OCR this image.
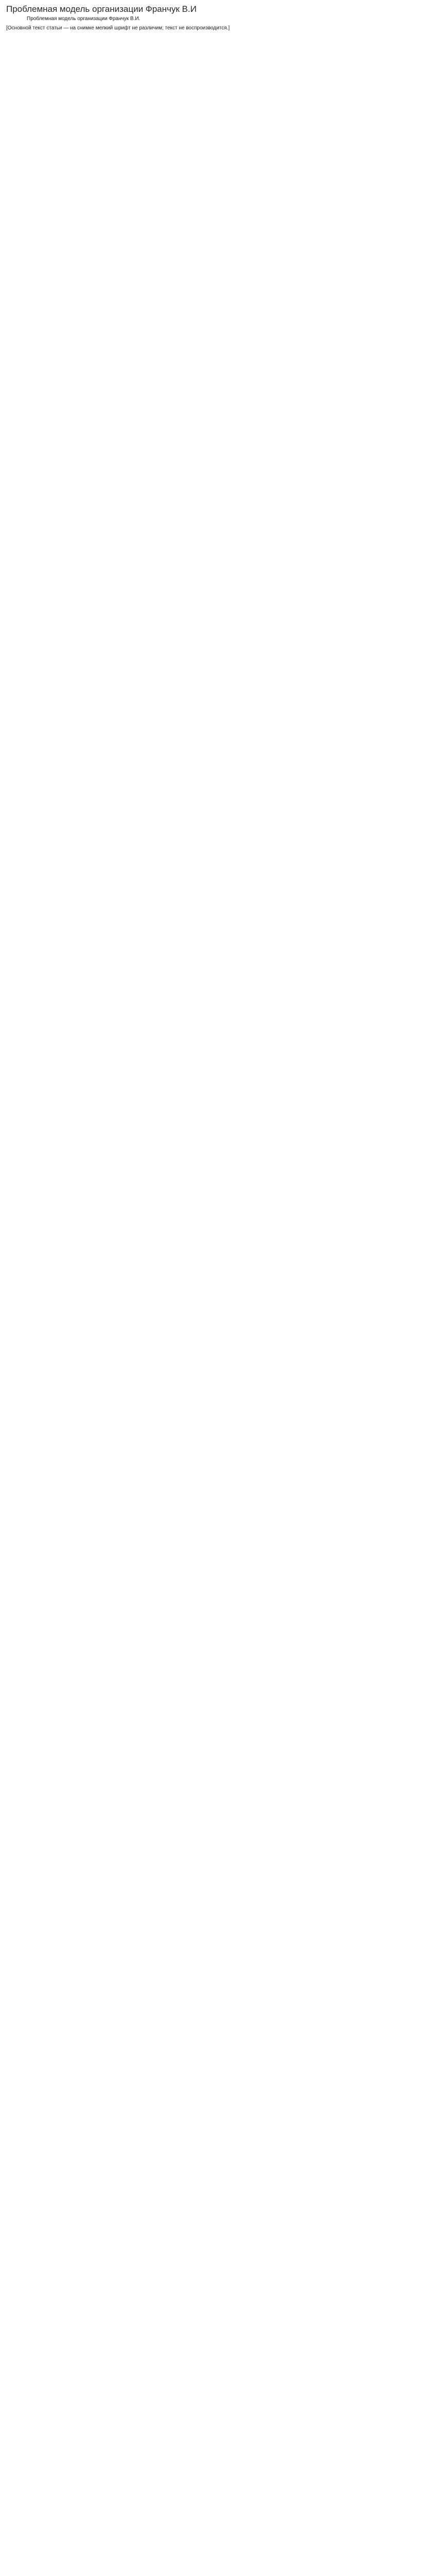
Проблемная модель организации Франчук В.И
Проблемная модель организации Франчук В.И.

[Основной текст статьи — на снимке мелкий шрифт не различим; текст не воспроизводится.]
